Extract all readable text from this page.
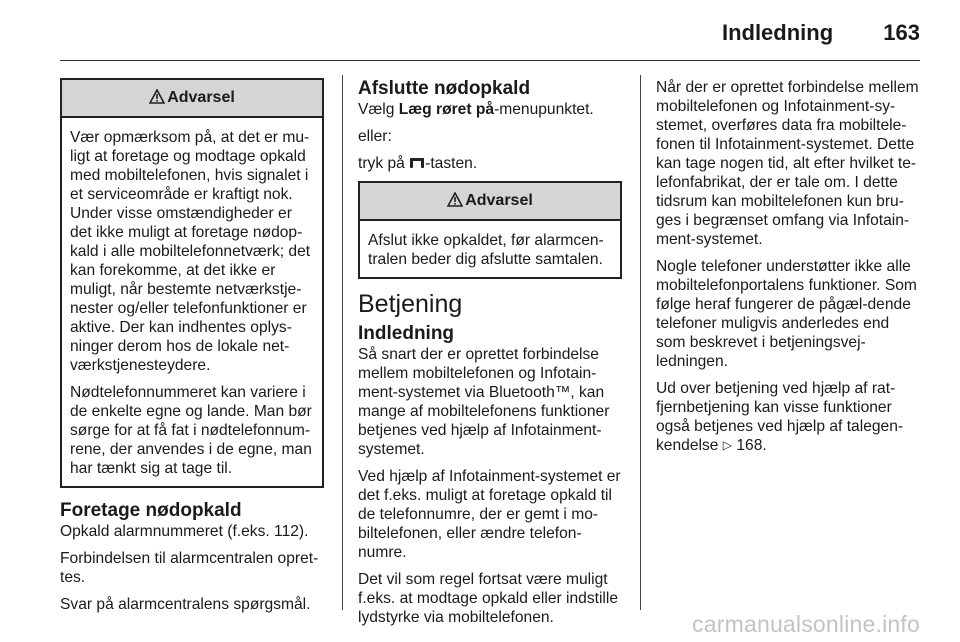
Indledning 163
Advarsel

Vær opmærksom på, at det er mu-ligt at foretage og modtage opkald med mobiltelefonen, hvis signalet i et serviceområde er kraftigt nok. Under visse omstændigheder er det ikke muligt at foretage nødop-kald i alle mobiltelefonnetværk; det kan forekomme, at det ikke er muligt, når bestemte netværkstje-nester og/eller telefonfunktioner er aktive. Der kan indhentes oplys-ninger derom hos de lokale net-værkstjenesteydere.

Nødtelefonnummeret kan variere i de enkelte egne og lande. Man bør sørge for at få fat i nødtelefonnum-rene, der anvendes i de egne, man har tænkt sig at tage til.

Foretage nødopkald

Opkald alarmnummeret (f.eks. 112).

Forbindelsen til alarmcentralen opret-tes.

Svar på alarmcentralens spørgsmål.

Afslutte nødopkald

Vælg Læg røret på-menupunktet.

eller:

tryk på -tasten.

Advarsel

Afslut ikke opkaldet, før alarmcen-tralen beder dig afslutte samtalen.

Betjening
Indledning

Så snart der er oprettet forbindelse mellem mobiltelefonen og Infotain-ment-systemet via Bluetooth™, kan mange af mobiltelefonens funktioner betjenes ved hjælp af Infotainment-systemet.

Ved hjælp af Infotainment-systemet er det f.eks. muligt at foretage opkald til de telefonnumre, der er gemt i mo-biltelefonen, eller ændre telefon-numre.

Det vil som regel fortsat være muligt f.eks. at modtage opkald eller indstille lydstyrke via mobiltelefonen.

Når der er oprettet forbindelse mellem mobiltelefonen og Infotainment-sy-stemet, overføres data fra mobiltele-fonen til Infotainment-systemet. Dette kan tage nogen tid, alt efter hvilket te-lefonfabrikat, der er tale om. I dette tidsrum kan mobiltelefonen kun bru-ges i begrænset omfang via Infotain-ment-systemet.

Nogle telefoner understøtter ikke alle mobiltelefonportalens funktioner. Som følge heraf fungerer de pågæl-dende telefoner muligvis anderledes end som beskrevet i betjeningsvej-ledningen.

Ud over betjening ved hjælp af rat-fjernbetjening kan visse funktioner også betjenes ved hjælp af talegen-kendelse ▷ 168.

carmanualsonline.info
